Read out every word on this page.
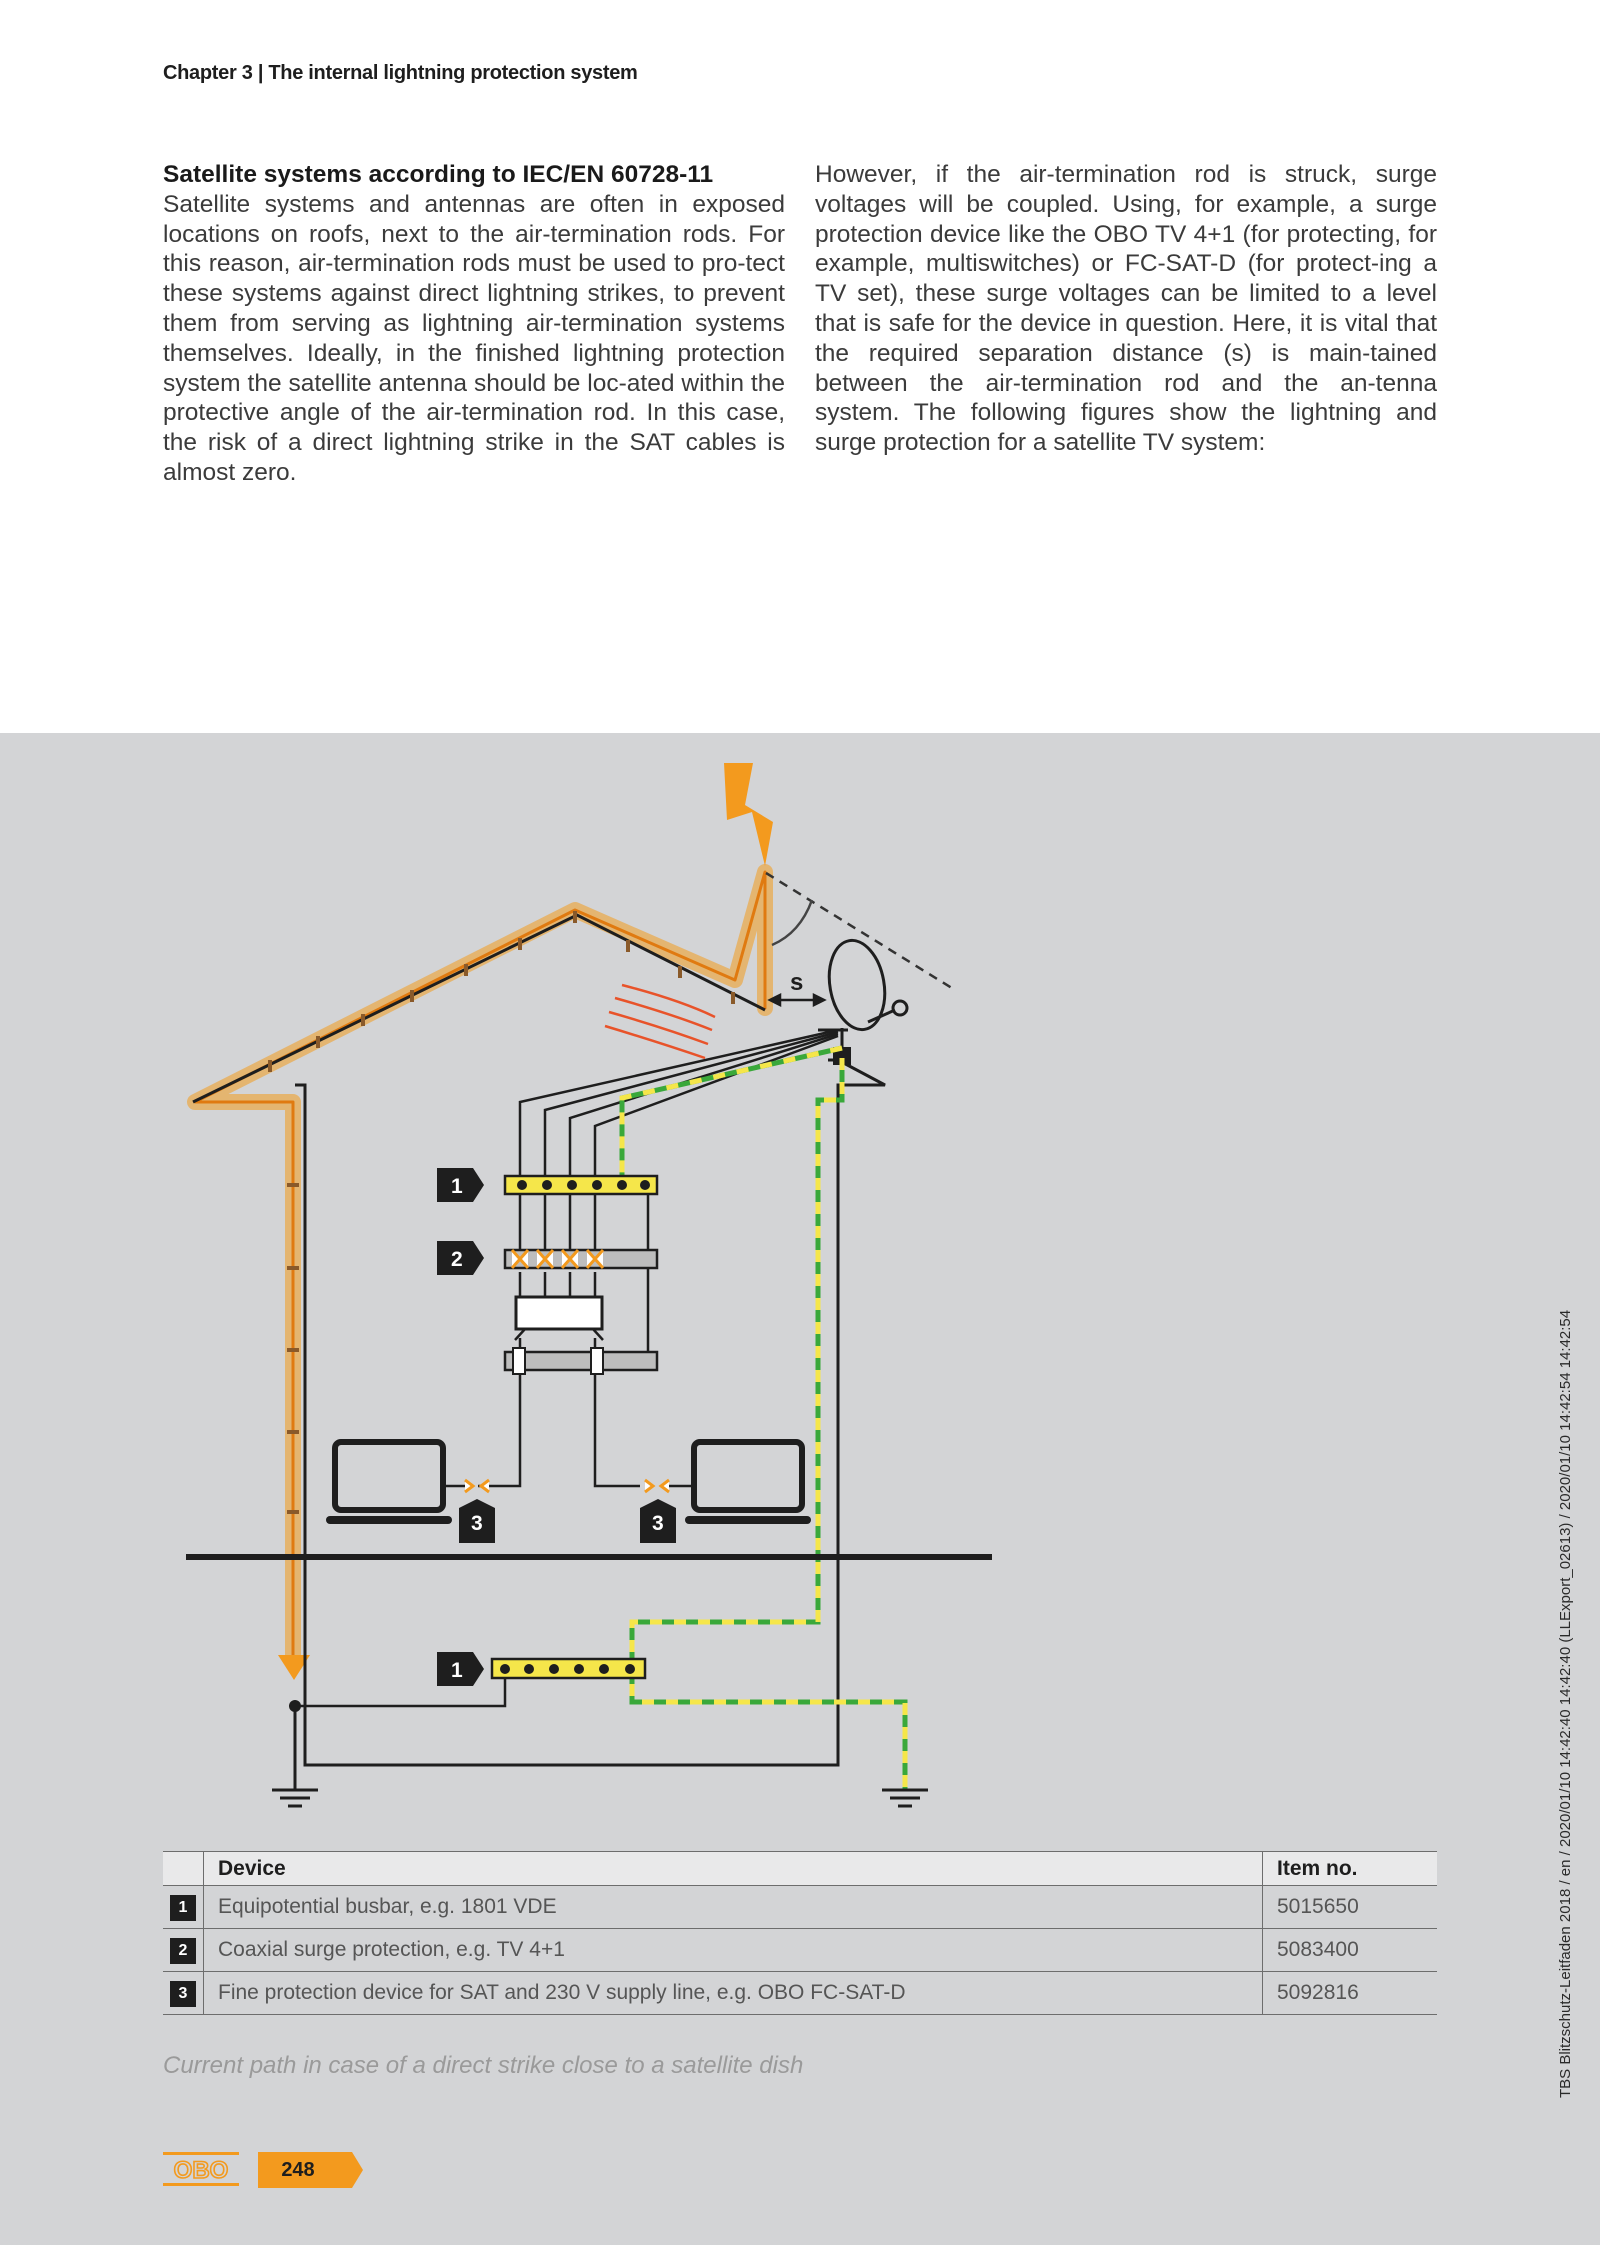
Chapter 3 | The internal lightning protection system
Satellite systems according to IEC/EN 60728-11

Satellite systems and antennas are often in exposed locations on roofs, next to the air-termination rods. For this reason, air-termination rods must be used to pro-tect these systems against direct lightning strikes, to prevent them from serving as lightning air-termination systems themselves. Ideally, in the finished lightning protection system the satellite antenna should be loc-ated within the protective angle of the air-termination rod. In this case, the risk of a direct lightning strike in the SAT cables is almost zero.

However, if the air-termination rod is struck, surge voltages will be coupled. Using, for example, a surge protection device like the OBO TV 4+1 (for protecting, for example, multiswitches) or FC-SAT-D (for protect-ing a TV set), these surge voltages can be limited to a level that is safe for the device in question. Here, it is vital that the required separation distance (s) is main-tained between the air-termination rod and the an-tenna system. The following figures show the lightning and surge protection for a satellite TV system:

s
1
2
3	3
1
	Device	Item no.
1	Equipotential busbar, e.g. 1801 VDE	5015650
2	Coaxial surge protection, e.g. TV 4+1	5083400
3	Fine protection device for SAT and 230 V supply line, e.g. OBO FC-SAT-D	5092816
Current path in case of a direct strike close to a satellite dish
OBO	248
TBS Blitzschutz-Leitfaden 2018 / en / 2020/01/10 14:42:40 14:42:40 (LLExport_02613) / 2020/01/10 14:42:54 14:42:54
